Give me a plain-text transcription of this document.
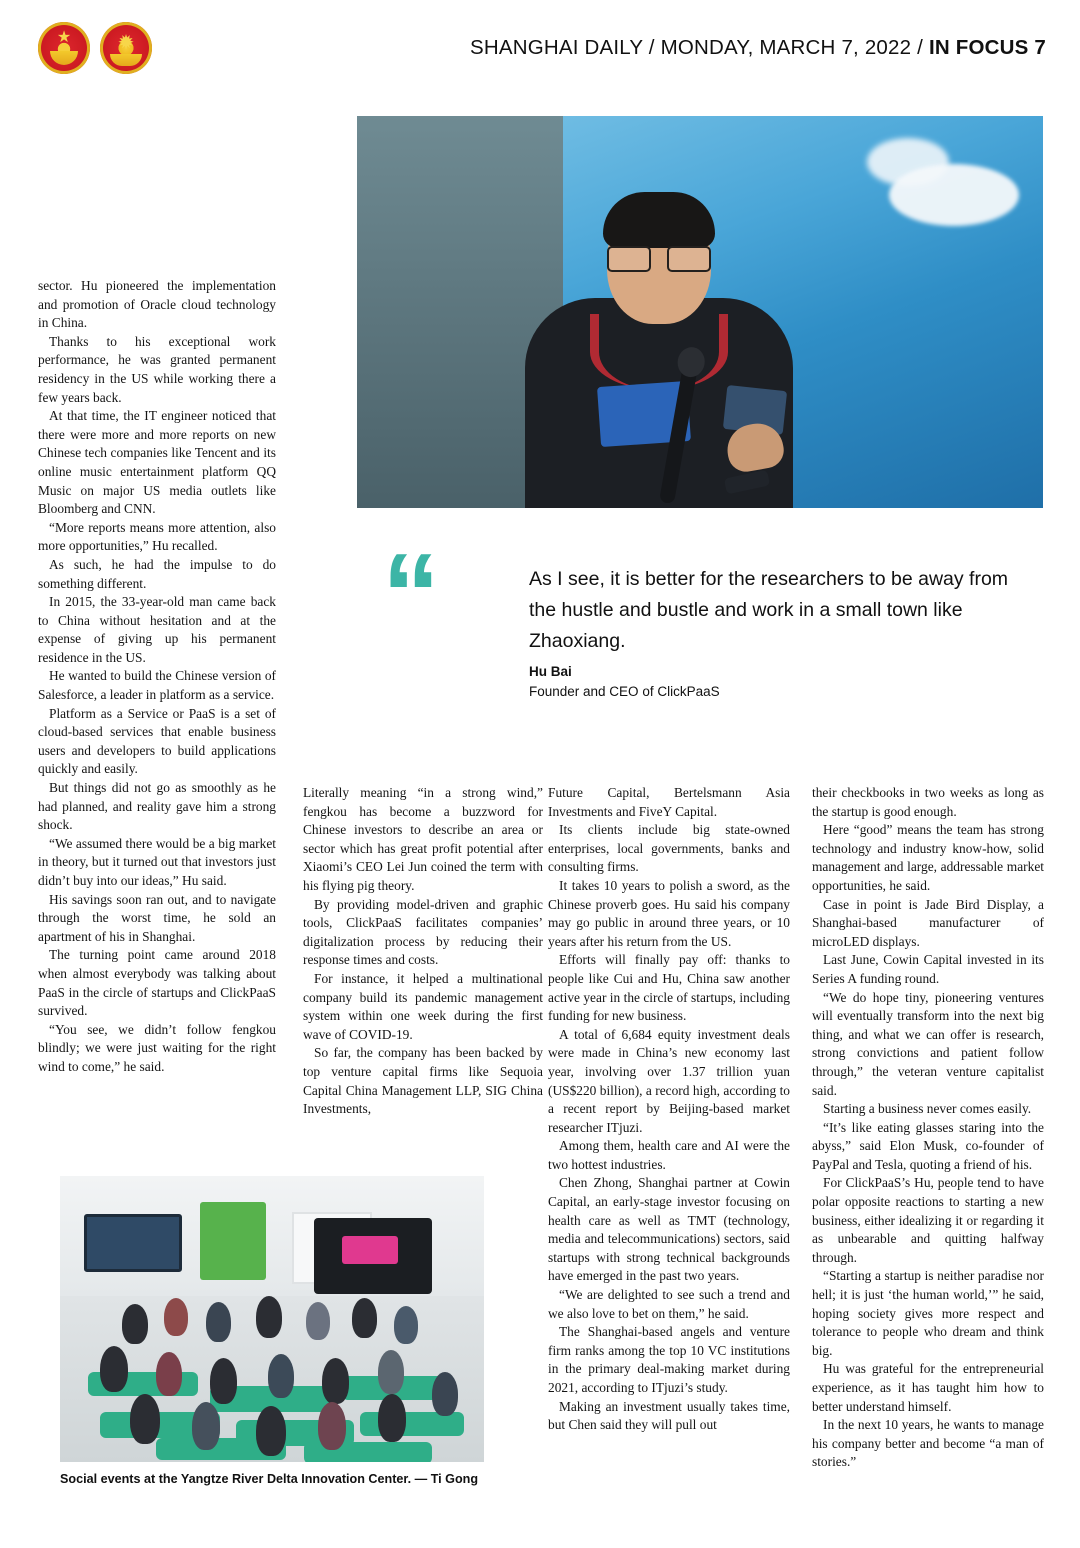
★
✹
SHANGHAI DAILY / MONDAY, MARCH 7, 2022 / IN FOCUS 7
“	As I see, it is better for the researchers to be away from the hustle and bustle and work in a small town like Zhaoxiang.
Hu Bai
Founder and CEO of ClickPaaS

sector. Hu pioneered the implementation and promotion of Oracle cloud technology in China.

Thanks to his exceptional work performance, he was granted permanent residency in the US while working there a few years back.

At that time, the IT engineer noticed that there were more and more reports on new Chinese tech companies like Tencent and its online music entertainment platform QQ Music on major US media outlets like Bloomberg and CNN.

“More reports means more attention, also more opportunities,” Hu recalled.

As such, he had the impulse to do something different.

In 2015, the 33-year-old man came back to China without hesitation and at the expense of giving up his permanent residence in the US.

He wanted to build the Chinese version of Salesforce, a leader in platform as a service.

Platform as a Service or PaaS is a set of cloud-based services that enable business users and developers to build applications quickly and easily.

But things did not go as smoothly as he had planned, and reality gave him a strong shock.

“We assumed there would be a big market in theory, but it turned out that investors just didn’t buy into our ideas,” Hu said.

His savings soon ran out, and to navigate through the worst time, he sold an apartment of his in Shanghai.

The turning point came around 2018 when almost everybody was talking about PaaS in the circle of startups and ClickPaaS survived.

“You see, we didn’t follow fengkou blindly; we were just waiting for the right wind to come,” he said.

Literally meaning “in a strong wind,” fengkou has become a buzzword for Chinese investors to describe an area or sector which has great profit potential after Xiaomi’s CEO Lei Jun coined the term with his flying pig theory.

By providing model-driven and graphic tools, ClickPaaS facilitates companies’ digitalization process by reducing their response times and costs.

For instance, it helped a multinational company build its pandemic management system within one week during the first wave of COVID-19.

So far, the company has been backed by top venture capital firms like Sequoia Capital China Management LLP, SIG China Investments,

Future Capital, Bertelsmann Asia Investments and FiveY Capital.

Its clients include big state-owned enterprises, local governments, banks and consulting firms.

It takes 10 years to polish a sword, as the Chinese proverb goes. Hu said his company may go public in around three years, or 10 years after his return from the US.

Efforts will finally pay off: thanks to people like Cui and Hu, China saw another active year in the circle of startups, including funding for new business.

A total of 6,684 equity investment deals were made in China’s new economy last year, involving over 1.37 trillion yuan (US$220 billion), a record high, according to a recent report by Beijing-based market researcher ITjuzi.

Among them, health care and AI were the two hottest industries.

Chen Zhong, Shanghai partner at Cowin Capital, an early-stage investor focusing on health care as well as TMT (technology, media and telecommunications) sectors, said startups with strong technical backgrounds have emerged in the past two years.

“We are delighted to see such a trend and we also love to bet on them,” he said.

The Shanghai-based angels and venture firm ranks among the top 10 VC institutions in the primary deal-making market during 2021, according to ITjuzi’s study.

Making an investment usually takes time, but Chen said they will pull out

their checkbooks in two weeks as long as the startup is good enough.

Here “good” means the team has strong technology and industry know-how, solid management and large, addressable market opportunities, he said.

Case in point is Jade Bird Display, a Shanghai-based manufacturer of microLED displays.

Last June, Cowin Capital invested in its Series A funding round.

“We do hope tiny, pioneering ventures will eventually transform into the next big thing, and what we can offer is research, strong convictions and patient follow through,” the veteran venture capitalist said.

Starting a business never comes easily.

“It’s like eating glasses staring into the abyss,” said Elon Musk, co-founder of PayPal and Tesla, quoting a friend of his.

For ClickPaaS’s Hu, people tend to have polar opposite reactions to starting a new business, either idealizing it or regarding it as unbearable and quitting halfway through.

“Starting a startup is neither paradise nor hell; it is just ‘the human world,’” he said, hoping society gives more respect and tolerance to people who dream and think big.

Hu was grateful for the entrepreneurial experience, as it has taught him how to better understand himself.

In the next 10 years, he wants to manage his company better and become “a man of stories.”

Social events at the Yangtze River Delta Innovation Center. — Ti Gong
